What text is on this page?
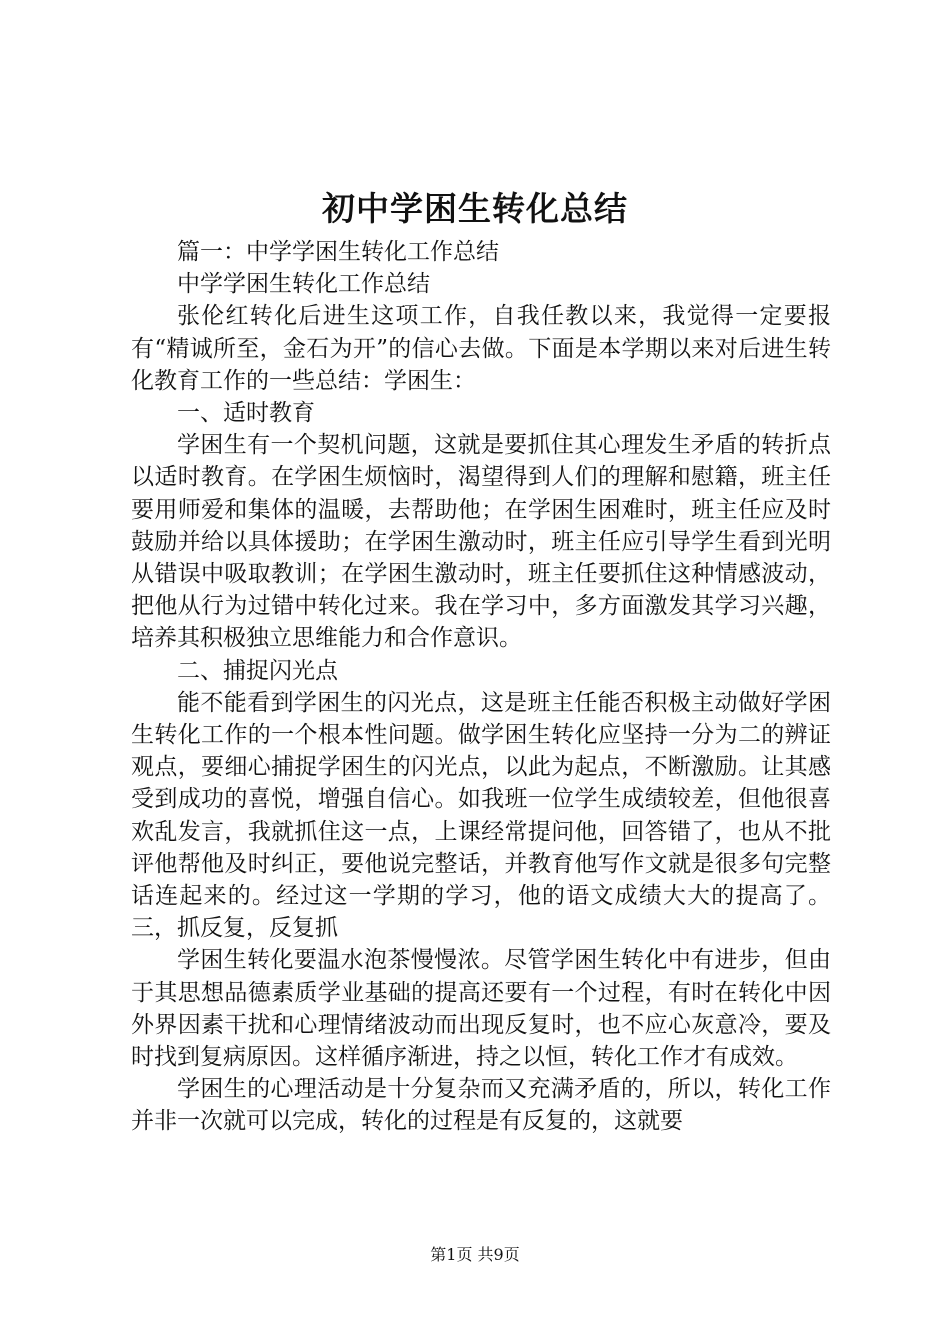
初中学困生转化总结

篇一：中学学困生转化工作总结

中学学困生转化工作总结

张伦红转化后进生这项工作，自我任教以来，我觉得一定要报有“精诚所至，金石为开”的信心去做。下面是本学期以来对后进生转化教育工作的一些总结：学困生：

一、适时教育

学困生有一个契机问题，这就是要抓住其心理发生矛盾的转折点以适时教育。在学困生烦恼时，渴望得到人们的理解和慰籍，班主任要用师爱和集体的温暖，去帮助他；在学困生困难时，班主任应及时鼓励并给以具体援助；在学困生激动时，班主任应引导学生看到光明从错误中吸取教训；在学困生激动时，班主任要抓住这种情感波动，把他从行为过错中转化过来。我在学习中，多方面激发其学习兴趣，培养其积极独立思维能力和合作意识。

二、捕捉闪光点

能不能看到学困生的闪光点，这是班主任能否积极主动做好学困生转化工作的一个根本性问题。做学困生转化应坚持一分为二的辨证观点，要细心捕捉学困生的闪光点，以此为起点，不断激励。让其感受到成功的喜悦，增强自信心。如我班一位学生成绩较差，但他很喜欢乱发言，我就抓住这一点，上课经常提问他，回答错了，也从不批评他帮他及时纠正，要他说完整话，并教育他写作文就是很多句完整话连起来的。经过这一学期的学习，他的语文成绩大大的提高了。三，抓反复，反复抓

学困生转化要温水泡茶慢慢浓。尽管学困生转化中有进步，但由于其思想品德素质学业基础的提高还要有一个过程，有时在转化中因外界因素干扰和心理情绪波动而出现反复时，也不应心灰意冷，要及时找到复病原因。这样循序渐进，持之以恒，转化工作才有成效。

学困生的心理活动是十分复杂而又充满矛盾的，所以，转化工作并非一次就可以完成，转化的过程是有反复的，这就要

第1页 共9页
